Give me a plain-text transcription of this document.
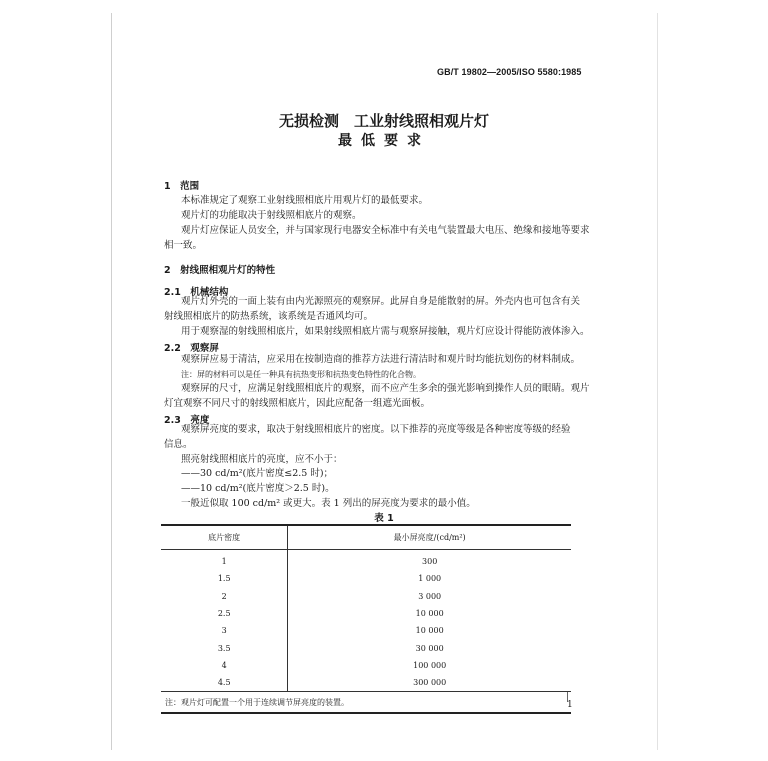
GB/T 19802—2005/ISO 5580:1985
无损检测　工业射线照相观片灯
最低要求
1　范围
本标准规定了观察工业射线照相底片用观片灯的最低要求。
观片灯的功能取决于射线照相底片的观察。
观片灯应保证人员安全，并与国家现行电器安全标准中有关电气装置最大电压、绝缘和接地等要求
相一致。
2　射线照相观片灯的特性
2.1　机械结构
观片灯外壳的一面上装有由内光源照亮的观察屏。此屏自身是能散射的屏。外壳内也可包含有关
射线照相底片的防热系统，该系统是否通风均可。
用于观察湿的射线照相底片，如果射线照相底片需与观察屏接触，观片灯应设计得能防液体渗入。
2.2　观察屏
观察屏应易于清洁，应采用在按制造商的推荐方法进行清洁时和观片时均能抗划伤的材料制成。
注：屏的材料可以是任一种具有抗热变形和抗热变色特性的化合物。
观察屏的尺寸，应满足射线照相底片的观察，而不应产生多余的强光影响到操作人员的眼睛。观片
灯宜观察不同尺寸的射线照相底片，因此应配备一组遮光面板。
2.3　亮度
观察屏亮度的要求，取决于射线照相底片的密度。以下推荐的亮度等级是各种密度等级的经验
信息。
照亮射线照相底片的亮度，应不小于：
——30 cd/m²(底片密度≤2.5 时)；
——10 cd/m²(底片密度＞2.5 时)。
一般近似取 100 cd/m² 或更大。表 1 列出的屏亮度为要求的最小值。
表 1
底片密度	最小屏亮度/(cd/m²)
1	300
1.5	1 000
2	3 000
2.5	10 000
3	10 000
3.5	30 000
4	100 000
4.5	300 000
注：观片灯可配置一个用于连续调节屏亮度的装置。		1
